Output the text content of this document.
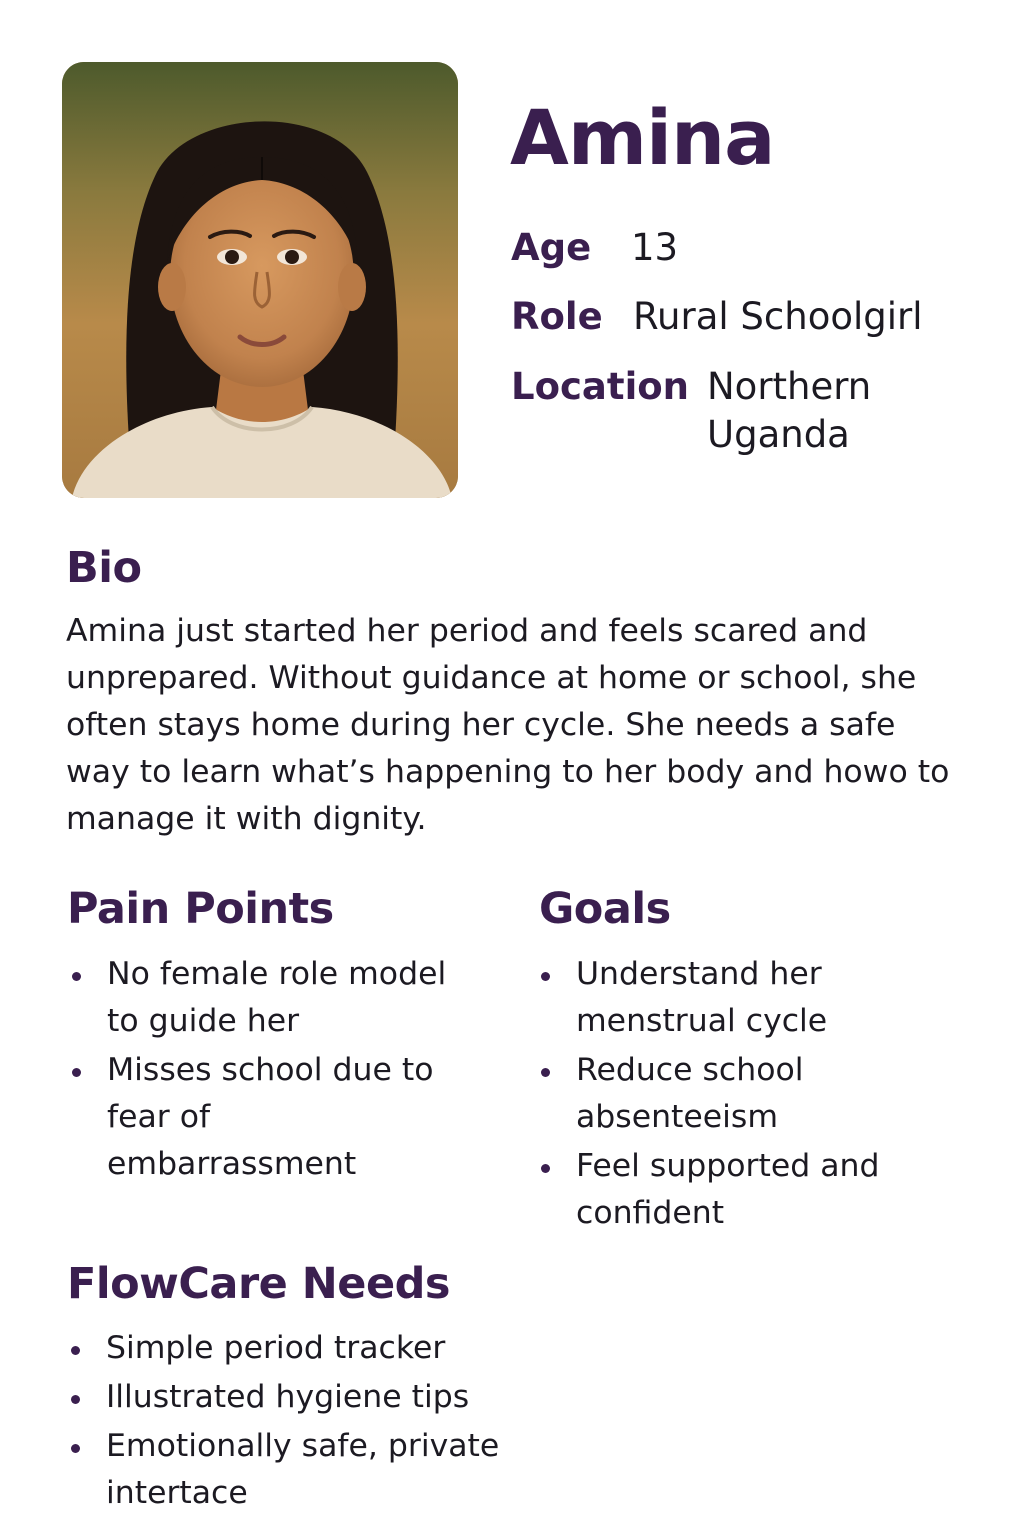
Amina
Age 13
Role Rural Schoolgirl
Location Northern Uganda
Bio

Amina just started her period and feels scared and unprepared. Without guidance at home or school, she often stays home during her cycle. She needs a safe way to learn what’s happening to her body and howo to manage it with dignity.

Pain Points
No female role model to guide her
Misses school due to fear of embarrassment
Goals
Understand her menstrual cycle
Reduce school absenteeism
Feel supported and confident
FlowCare Needs
Simple period tracker
Illustrated hygiene tips
Emotionally safe, private intertace
